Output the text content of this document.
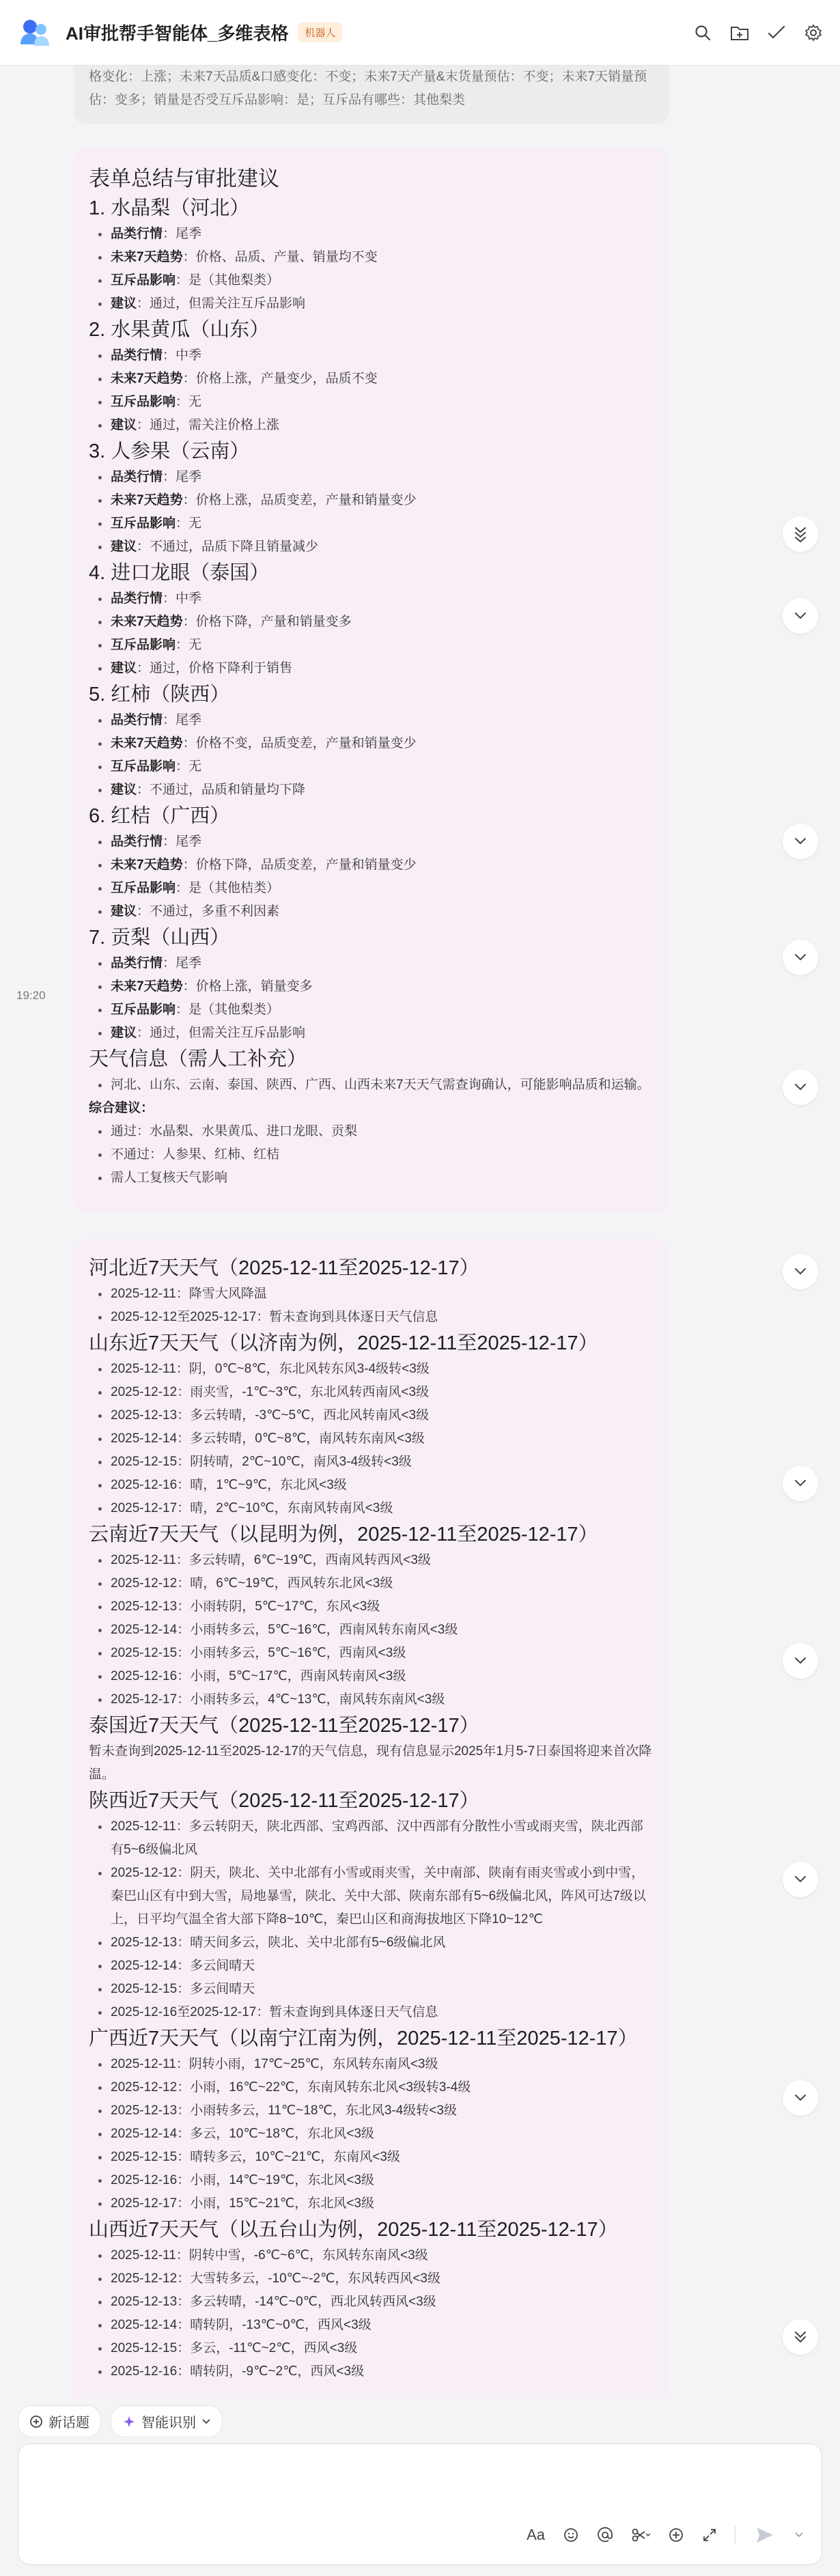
AI审批帮手智能体_多维表格	机器人
格变化：上涨；未来7天品质&口感变化：不变；未来7天产量&末货量预估：不变；未来7天销量预估：变多；销量是否受互斥品影响：是；互斥品有哪些：其他梨类
19:20
表单总结与审批建议
1. 水晶梨（河北）
品类行情：尾季
未来7天趋势：价格、品质、产量、销量均不变
互斥品影响：是（其他梨类）
建议：通过，但需关注互斥品影响
2. 水果黄瓜（山东）
品类行情：中季
未来7天趋势：价格上涨，产量变少，品质不变
互斥品影响：无
建议：通过，需关注价格上涨
3. 人参果（云南）
品类行情：尾季
未来7天趋势：价格上涨，品质变差，产量和销量变少
互斥品影响：无
建议：不通过，品质下降且销量减少
4. 进口龙眼（泰国）
品类行情：中季
未来7天趋势：价格下降，产量和销量变多
互斥品影响：无
建议：通过，价格下降利于销售
5. 红柿（陕西）
品类行情：尾季
未来7天趋势：价格不变，品质变差，产量和销量变少
互斥品影响：无
建议：不通过，品质和销量均下降
6. 红桔（广西）
品类行情：尾季
未来7天趋势：价格下降，品质变差，产量和销量变少
互斥品影响：是（其他桔类）
建议：不通过，多重不利因素
7. 贡梨（山西）
品类行情：尾季
未来7天趋势：价格上涨，销量变多
互斥品影响：是（其他梨类）
建议：通过，但需关注互斥品影响
天气信息（需人工补充）
河北、山东、云南、泰国、陕西、广西、山西未来7天天气需查询确认，可能影响品质和运输。
综合建议：
通过：水晶梨、水果黄瓜、进口龙眼、贡梨
不通过：人参果、红柿、红桔
需人工复核天气影响
河北近7天天气（2025-12-11至2025-12-17）
2025-12-11：降雪大风降温
2025-12-12至2025-12-17：暂未查询到具体逐日天气信息
山东近7天天气（以济南为例，2025-12-11至2025-12-17）
2025-12-11：阴，0℃~8℃，东北风转东风3-4级转<3级
2025-12-12：雨夹雪，-1℃~3℃，东北风转西南风<3级
2025-12-13：多云转晴，-3℃~5℃，西北风转南风<3级
2025-12-14：多云转晴，0℃~8℃，南风转东南风<3级
2025-12-15：阴转晴，2℃~10℃，南风3-4级转<3级
2025-12-16：晴，1℃~9℃，东北风<3级
2025-12-17：晴，2℃~10℃，东南风转南风<3级
云南近7天天气（以昆明为例，2025-12-11至2025-12-17）
2025-12-11：多云转晴，6℃~19℃，西南风转西风<3级
2025-12-12：晴，6℃~19℃，西风转东北风<3级
2025-12-13：小雨转阴，5℃~17℃，东风<3级
2025-12-14：小雨转多云，5℃~16℃，西南风转东南风<3级
2025-12-15：小雨转多云，5℃~16℃，西南风<3级
2025-12-16：小雨，5℃~17℃，西南风转南风<3级
2025-12-17：小雨转多云，4℃~13℃，南风转东南风<3级
泰国近7天天气（2025-12-11至2025-12-17）
暂未查询到2025-12-11至2025-12-17的天气信息，现有信息显示2025年1月5-7日泰国将迎来首次降温。
陕西近7天天气（2025-12-11至2025-12-17）
2025-12-11：多云转阴天，陕北西部、宝鸡西部、汉中西部有分散性小雪或雨夹雪，陕北西部有5~6级偏北风
2025-12-12：阴天，陕北、关中北部有小雪或雨夹雪，关中南部、陕南有雨夹雪或小到中雪，秦巴山区有中到大雪，局地暴雪，陕北、关中大部、陕南东部有5~6级偏北风，阵风可达7级以上，日平均气温全省大部下降8~10℃，秦巴山区和商海拔地区下降10~12℃
2025-12-13：晴天间多云，陕北、关中北部有5~6级偏北风
2025-12-14：多云间晴天
2025-12-15：多云间晴天
2025-12-16至2025-12-17：暂未查询到具体逐日天气信息
广西近7天天气（以南宁江南为例，2025-12-11至2025-12-17）
2025-12-11：阴转小雨，17℃~25℃，东风转东南风<3级
2025-12-12：小雨，16℃~22℃，东南风转东北风<3级转3-4级
2025-12-13：小雨转多云，11℃~18℃，东北风3-4级转<3级
2025-12-14：多云，10℃~18℃，东北风<3级
2025-12-15：晴转多云，10℃~21℃，东南风<3级
2025-12-16：小雨，14℃~19℃，东北风<3级
2025-12-17：小雨，15℃~21℃，东北风<3级
山西近7天天气（以五台山为例，2025-12-11至2025-12-17）
2025-12-11：阴转中雪，-6℃~6℃，东风转东南风<3级
2025-12-12：大雪转多云，-10℃~-2℃，东风转西风<3级
2025-12-13：多云转晴，-14℃~0℃，西北风转西风<3级
2025-12-14：晴转阴，-13℃~0℃，西风<3级
2025-12-15：多云，-11℃~2℃，西风<3级
2025-12-16：晴转阴，-9℃~2℃，西风<3级
新话题	智能识别
Aa
